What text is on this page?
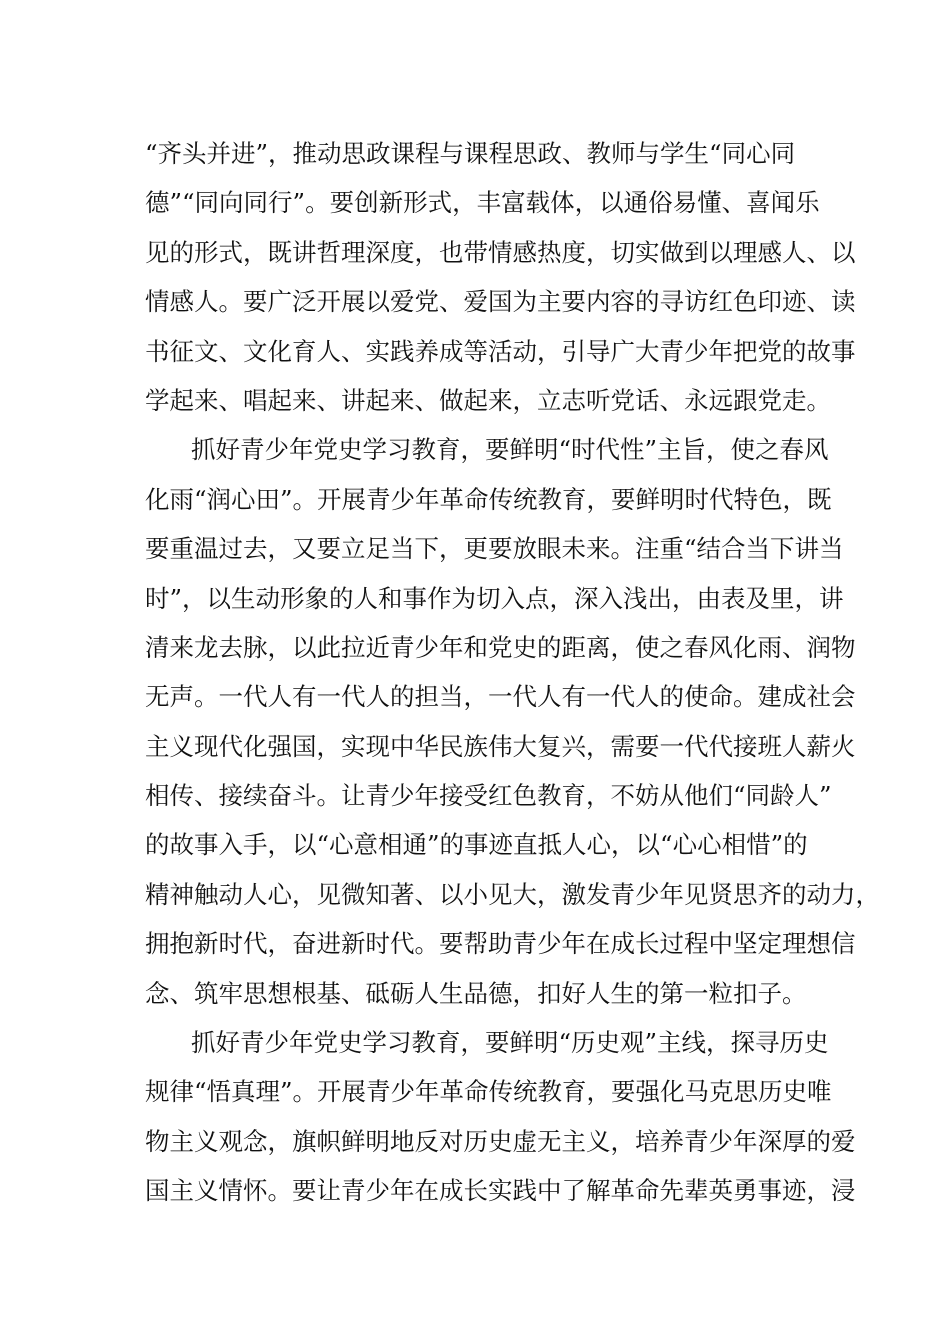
“齐头并进”，推动思政课程与课程思政、教师与学生“同心同
德”“同向同行”。要创新形式，丰富载体，以通俗易懂、喜闻乐
见的形式，既讲哲理深度，也带情感热度，切实做到以理感人、以
情感人。要广泛开展以爱党、爱国为主要内容的寻访红色印迹、读
书征文、文化育人、实践养成等活动，引导广大青少年把党的故事
学起来、唱起来、讲起来、做起来，立志听党话、永远跟党走。
抓好青少年党史学习教育，要鲜明“时代性”主旨，使之春风
化雨“润心田”。开展青少年革命传统教育，要鲜明时代特色，既
要重温过去，又要立足当下，更要放眼未来。注重“结合当下讲当
时”，以生动形象的人和事作为切入点，深入浅出，由表及里，讲
清来龙去脉，以此拉近青少年和党史的距离，使之春风化雨、润物
无声。一代人有一代人的担当，一代人有一代人的使命。建成社会
主义现代化强国，实现中华民族伟大复兴，需要一代代接班人薪火
相传、接续奋斗。让青少年接受红色教育，不妨从他们“同龄人”
的故事入手，以“心意相通”的事迹直抵人心，以“心心相惜”的
精神触动人心，见微知著、以小见大，激发青少年见贤思齐的动力，
拥抱新时代，奋进新时代。要帮助青少年在成长过程中坚定理想信
念、筑牢思想根基、砥砺人生品德，扣好人生的第一粒扣子。
抓好青少年党史学习教育，要鲜明“历史观”主线，探寻历史
规律“悟真理”。开展青少年革命传统教育，要强化马克思历史唯
物主义观念，旗帜鲜明地反对历史虚无主义，培养青少年深厚的爱
国主义情怀。要让青少年在成长实践中了解革命先辈英勇事迹，浸
